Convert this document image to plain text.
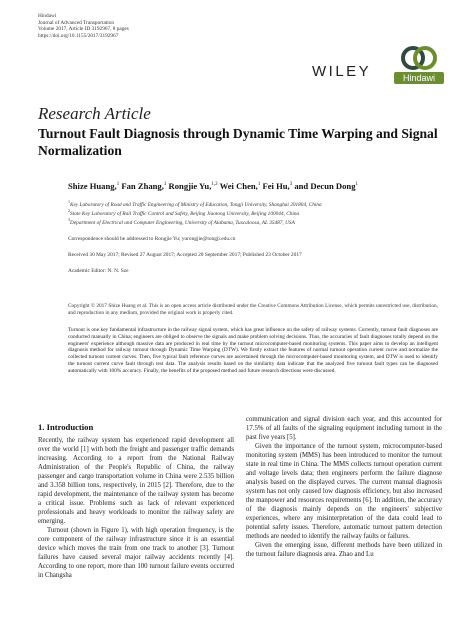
Hindawi
Journal of Advanced Transportation
Volume 2017, Article ID 3192967, 8 pages
https://doi.org/10.1155/2017/3192967
WILEY	Hindawi
Research Article
Turnout Fault Diagnosis through Dynamic Time Warping and Signal Normalization
Shize Huang,$^1$ Fan Zhang,$^1$ Rongjie Yu,$^{1,2}$ Wei Chen,$^1$ Fei Hu,$^3$ and Decun Dong$^1$
$^1$Key Laboratory of Road and Traffic Engineering of Ministry of Education, Tongji University, Shanghai 201804, China
$^2$State Key Laboratory of Rail Traffic Control and Safety, Beijing Jiaotong University, Beijing 100044, China
$^3$Department of Electrical and Computer Engineering, University of Alabama, Tuscaloosa, AL 35487, USA
Correspondence should be addressed to Rongjie Yu; yurongjie@tongji.edu.cn
Received 30 May 2017; Revised 27 August 2017; Accepted 20 September 2017; Published 23 October 2017
Academic Editor: N. N. Sze
Copyright © 2017 Shize Huang et al. This is an open access article distributed under the Creative Commons Attribution License, which permits unrestricted use, distribution, and reproduction in any medium, provided the original work is properly cited.
Turnout is one key fundamental infrastructure in the railway signal system, which has great influence on the safety of railway systems. Currently, turnout fault diagnoses are conducted manually in China; engineers are obliged to observe the signals and make problem solving decisions. Thus, the accuracies of fault diagnoses totally depend on the engineers' experience although massive data are produced in real time by the turnout microcomputer-based monitoring systems. This paper aims to develop an intelligent diagnosis method for railway turnout through Dynamic Time Warping (DTW). We firstly extract the features of normal turnout operation current curve and normalize the collected turnout current curves. Then, five typical fault reference curves are ascertained through the microcomputer-based monitoring system, and DTW is used to identify the turnout current curve fault through test data. The analysis results based on the similarity data indicate that the analyzed five turnout fault types can be diagnosed automatically with 100% accuracy. Finally, the benefits of the proposed method and future research directions were discussed.
1. Introduction

Recently, the railway system has experienced rapid development all over the world [1] with both the freight and passenger traffic demands increasing. According to a report from the National Railway Administration of the People's Republic of China, the railway passenger and cargo transportation volume in China were 2.535 billion and 3.358 billion tons, respectively, in 2015 [2]. Therefore, due to the rapid development, the maintenance of the railway system has become a critical issue. Problems such as lack of relevant experienced professionals and heavy workloads to monitor the railway safety are emerging.

Turnout (shown in Figure 1), with high operation frequency, is the core component of the railway infrastructure since it is an essential device which moves the train from one track to another [3]. Turnout failures have caused several major railway accidents recently [4]. According to one report, more than 100 turnout failure events occurred in Changsha

communication and signal division each year, and this accounted for 17.5% of all faults of the signaling equipment including turnout in the past five years [5].

Given the importance of the turnout system, microcomputer-based monitoring system (MMS) has been introduced to monitor the turnout state in real time in China. The MMS collects turnout operation current and voltage levels data; then engineers perform the failure diagnose analysis based on the displayed curves. The current manual diagnosis system has not only caused low diagnosis efficiency, but also increased the manpower and resources requirements [6]. In addition, the accuracy of the diagnosis mainly depends on the engineers' subjective experiences, where any misinterpretation of the data could lead to potential safety issues. Therefore, automatic turnout pattern detection methods are needed to identify the railway faults or failures.

Given the emerging issue, different methods have been utilized in the turnout failure diagnosis area. Zhao and Lu
